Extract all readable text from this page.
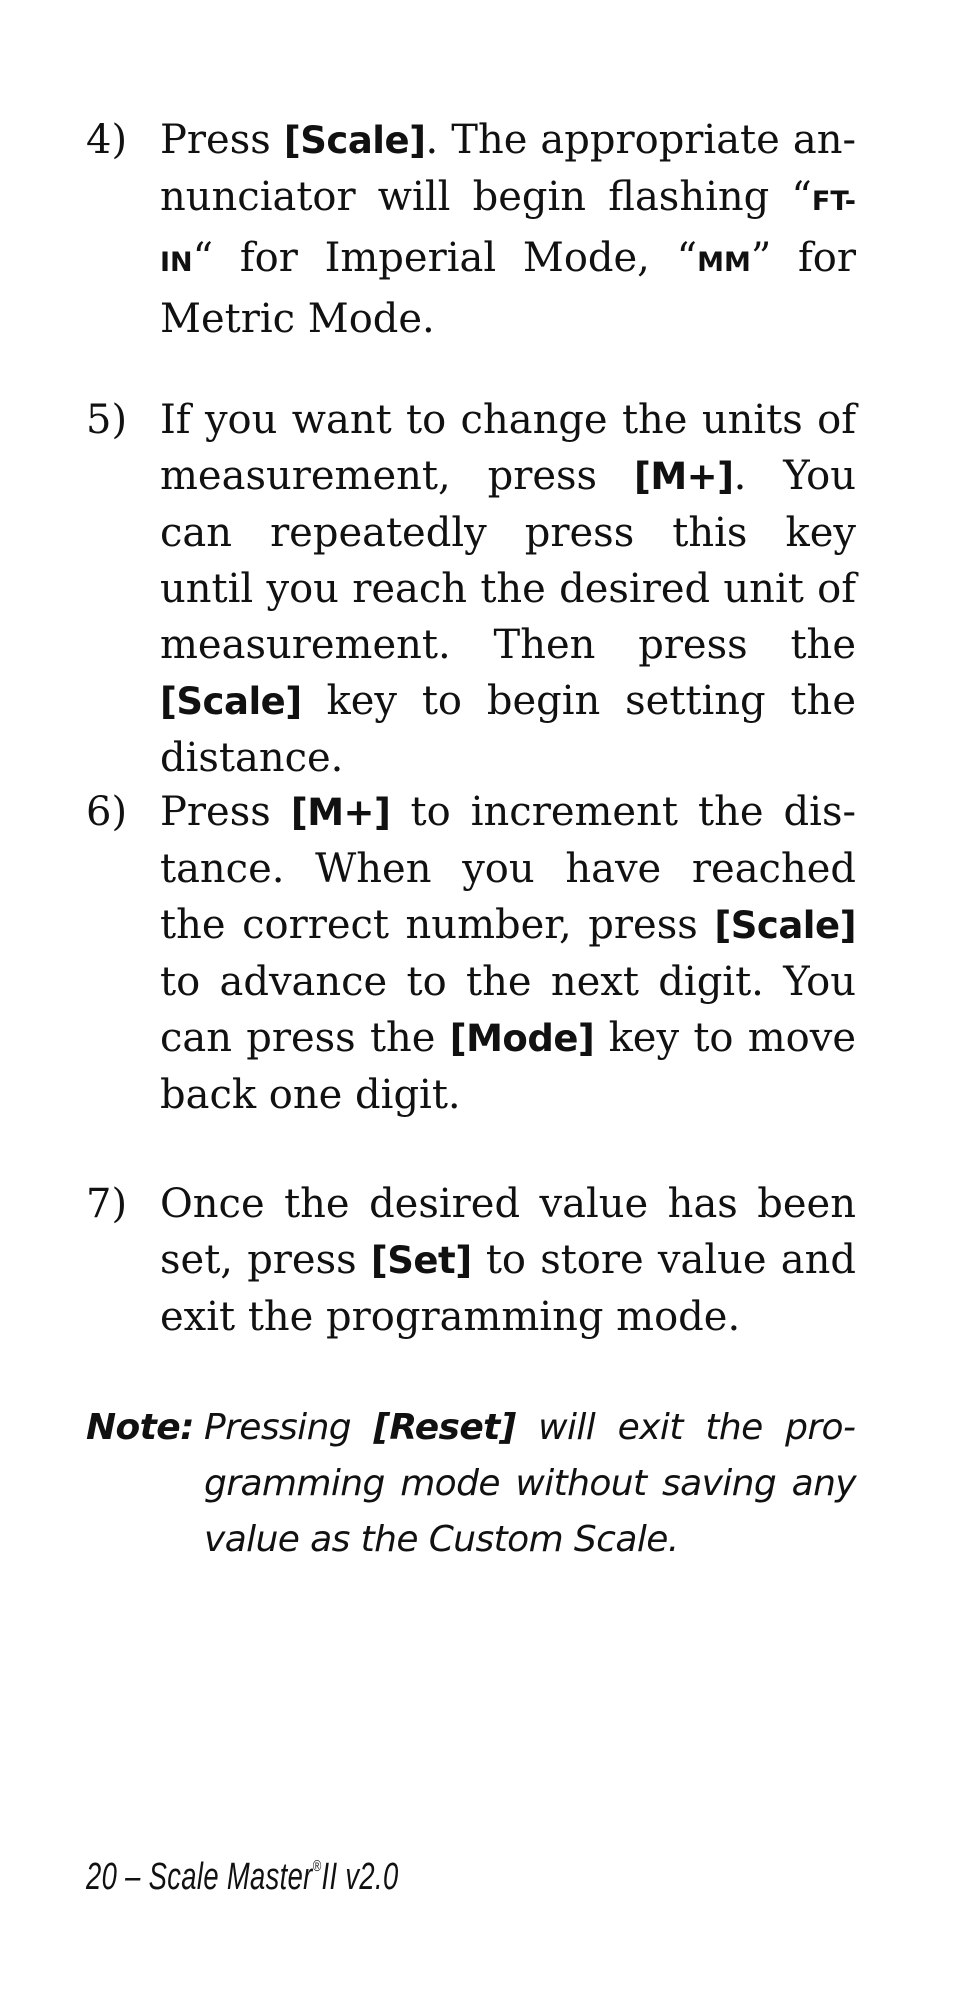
4) Press [Scale]. The appropriate annunciator will begin flashing “FT-IN“ for Imperial Mode, “MM” for Metric Mode.
5) If you want to change the units of measurement, press [M+]. You can repeatedly press this key until you reach the desired unit of measurement. Then press the [Scale] key to begin setting the distance.
6) Press [M+] to increment the distance. When you have reached the correct number, press [Scale] to advance to the next digit. You can press the [Mode] key to move back one digit.
7) Once the desired value has been set, press [Set] to store value and exit the programming mode.
Note: Pressing [Reset] will exit the programming mode without saving any value as the Custom Scale.
20 – Scale Master®II v2.0
